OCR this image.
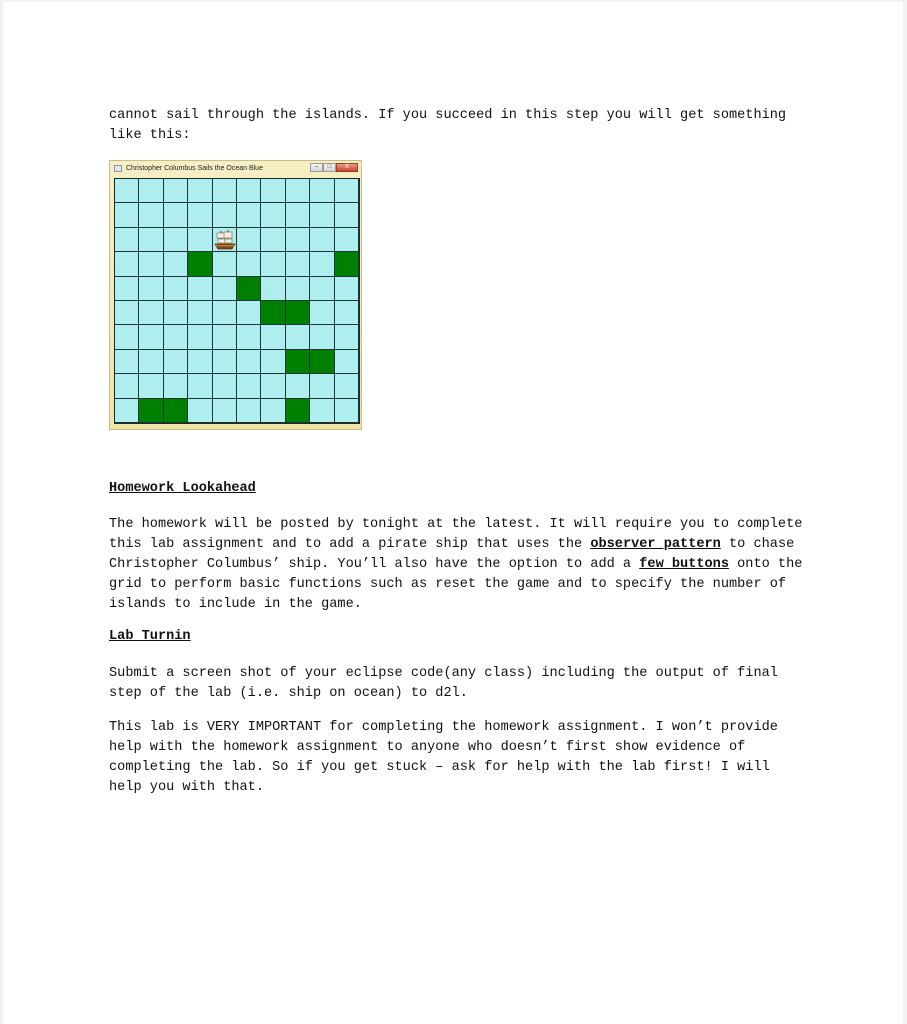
cannot sail through the islands. If you succeed in this step you will get something like this:

Christopher Columbus Sails the Ocean Blue	–	□	X
Homework Lookahead

The homework will be posted by tonight at the latest. It will require you to complete this lab assignment and to add a pirate ship that uses the observer pattern to chase Christopher Columbus’ ship. You’ll also have the option to add a few buttons onto the grid to perform basic functions such as reset the game and to specify the number of islands to include in the game.

Lab Turnin

Submit a screen shot of your eclipse code(any class) including the output of final step of the lab (i.e. ship on ocean) to d2l.

This lab is VERY IMPORTANT for completing the homework assignment. I won’t provide help with the homework assignment to anyone who doesn’t first show evidence of completing the lab. So if you get stuck – ask for help with the lab first! I will help you with that.
